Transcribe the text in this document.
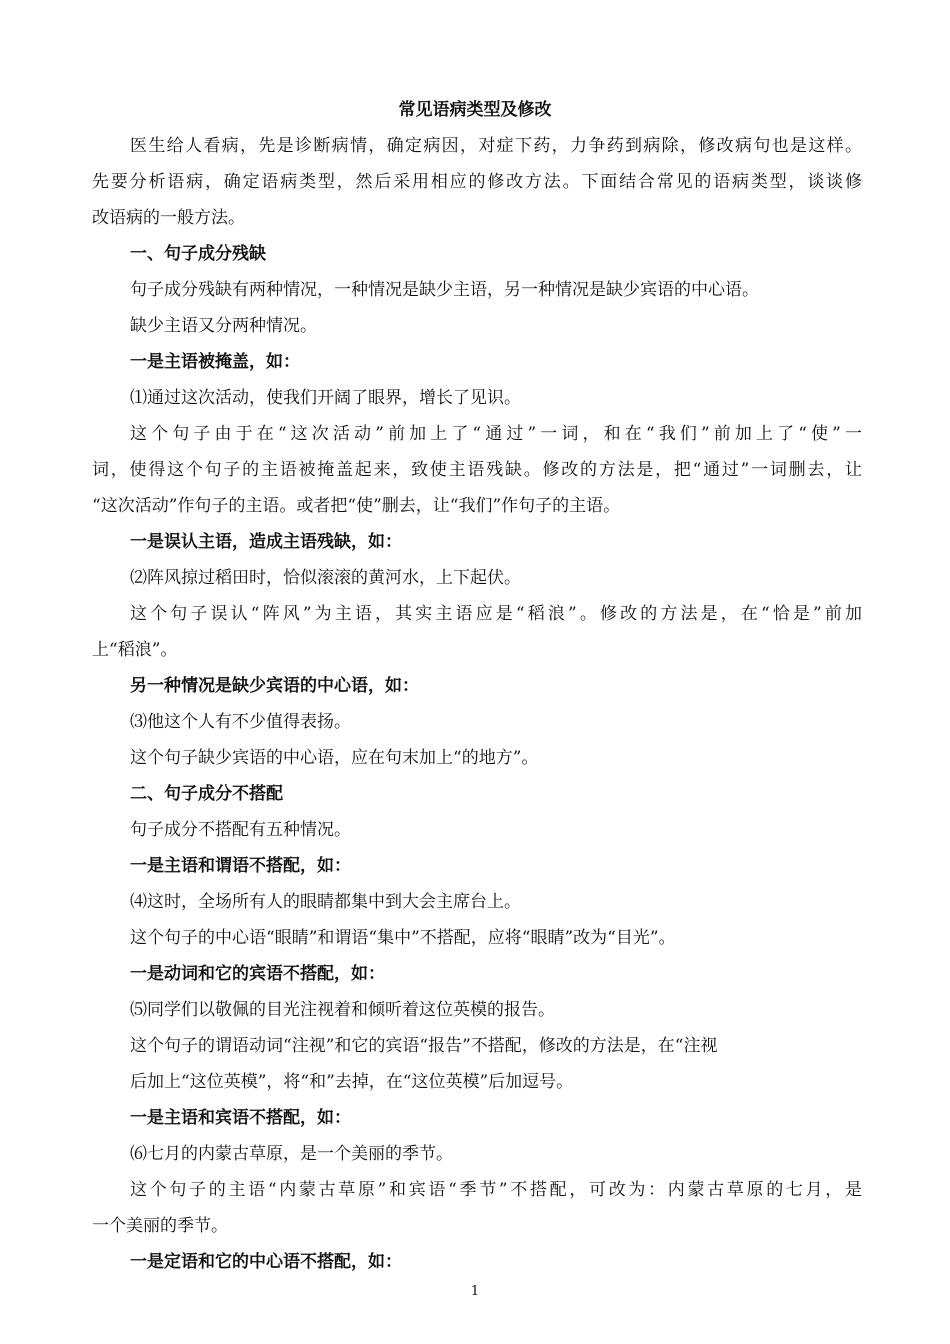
常见语病类型及修改
医生给人看病，先是诊断病情，确定病因，对症下药，力争药到病除，修改病句也是这样。
先要分析语病，确定语病类型，然后采用相应的修改方法。下面结合常见的语病类型，谈谈修
改语病的一般方法。
一、句子成分残缺
句子成分残缺有两种情况，一种情况是缺少主语，另一种情况是缺少宾语的中心语。
缺少主语又分两种情况。
一是主语被掩盖，如：
⑴通过这次活动，使我们开阔了眼界，增长了见识。
这个句子由于在“这次活动”前加上了“通过”一词，和在“我们”前加上了“使”一
词，使得这个句子的主语被掩盖起来，致使主语残缺。修改的方法是，把“通过”一词删去，让
“这次活动”作句子的主语。或者把“使”删去，让“我们”作句子的主语。
一是误认主语，造成主语残缺，如：
⑵阵风掠过稻田时，恰似滚滚的黄河水，上下起伏。
这个句子误认“阵风”为主语，其实主语应是“稻浪”。修改的方法是，在“恰是”前加
上“稻浪”。
另一种情况是缺少宾语的中心语，如：
⑶他这个人有不少值得表扬。
这个句子缺少宾语的中心语，应在句末加上“的地方”。
二、句子成分不搭配
句子成分不搭配有五种情况。
一是主语和谓语不搭配，如：
⑷这时，全场所有人的眼睛都集中到大会主席台上。
这个句子的中心语“眼睛”和谓语“集中”不搭配，应将“眼睛”改为“目光”。
一是动词和它的宾语不搭配，如：
⑸同学们以敬佩的目光注视着和倾听着这位英模的报告。
这个句子的谓语动词“注视”和它的宾语“报告”不搭配，修改的方法是，在“注视
后加上“这位英模”，将“和”去掉，在“这位英模”后加逗号。
一是主语和宾语不搭配，如：
⑹七月的内蒙古草原，是一个美丽的季节。
这个句子的主语“内蒙古草原”和宾语“季节”不搭配，可改为：内蒙古草原的七月，是
一个美丽的季节。
一是定语和它的中心语不搭配，如：
1
